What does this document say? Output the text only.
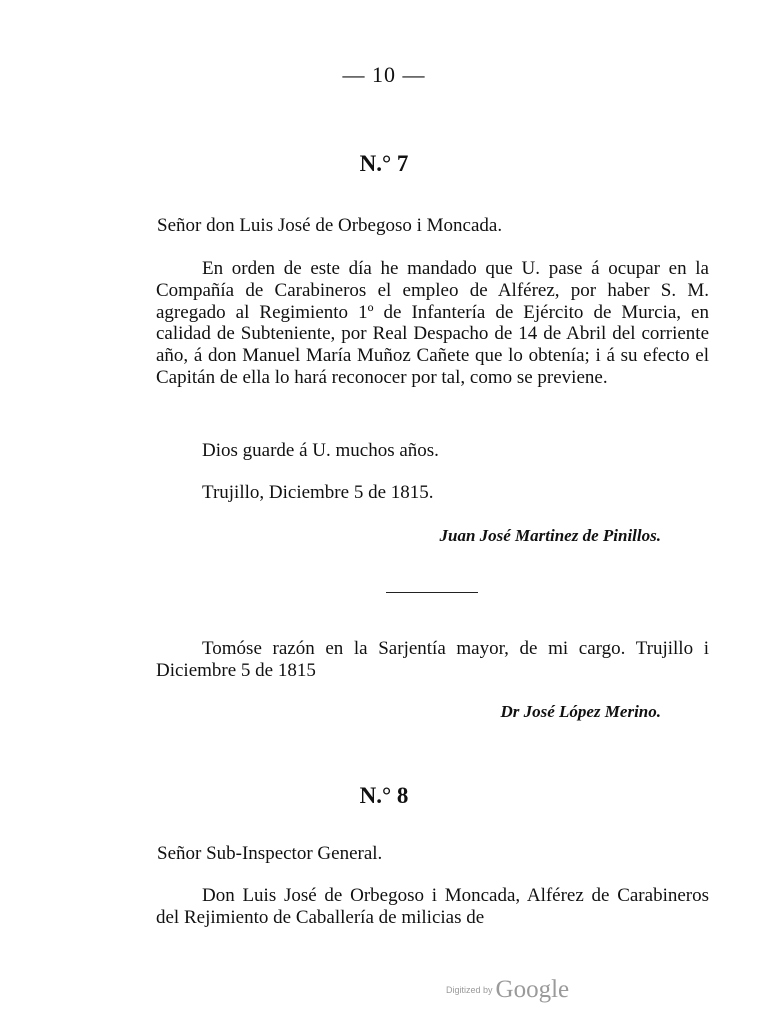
— 10 —
N.° 7
Señor don Luis José de Orbegoso i Moncada.

En orden de este día he mandado que U. pase á ocupar en la Compañía de Carabineros el empleo de Alférez, por haber S. M. agregado al Regimiento 1º de Infantería de Ejército de Murcia, en calidad de Subteniente, por Real Despacho de 14 de Abril del corriente año, á don Manuel María Muñoz Cañete que lo obtenía; i á su efecto el Capitán de ella lo hará reconocer por tal, como se previene.

Dios guarde á U. muchos años.
Trujillo, Diciembre 5 de 1815.
Juan José Martinez de Pinillos.

Tomóse razón en la Sarjentía mayor, de mi cargo. Trujillo i Diciembre 5 de 1815

Dr José López Merino.
N.° 8
Señor Sub-Inspector General.

Don Luis José de Orbegoso i Moncada, Alférez de Carabineros del Rejimiento de Caballería de milicias de

Digitized by Google
